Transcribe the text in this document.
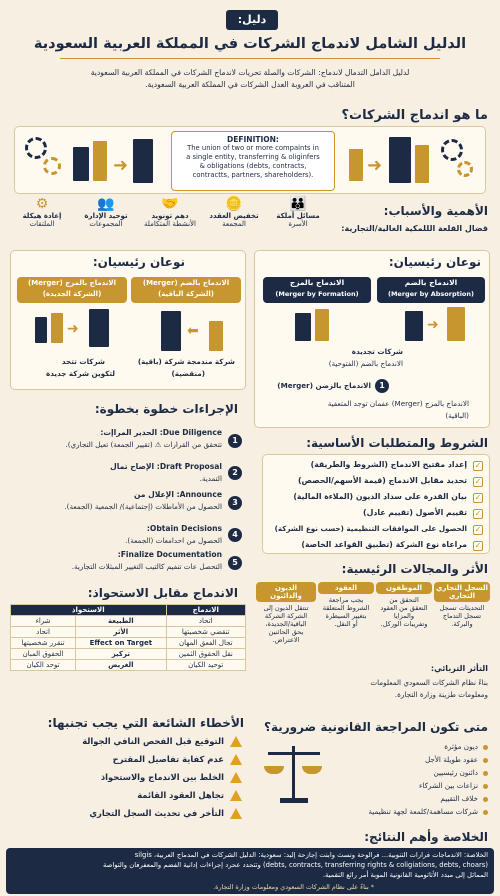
دليل:
الدليل الشامل لاندماج الشركات في المملكة العربية السعودية
لدليل الدامل التدمال لاندماج: الشركات والصلة تحريات لاندماج الشركات في المملكة العربية السعودية
المتناقب في العروبة العدل الشركات في المملكة العربية السعودية.
ما هو اندماج الشركات؟
➜
DEFINITION:
The union of two or more compaints in
a single entity, transferring & oliginfers
& obligations (debts, contracts,
contractts, partners, shareholders).	➜
الأهمية والأسباب:
قضال القلعة الللمكية الغالية/التجارية:
👪
مسائل أملكة
الأسرة
🪙
تخفيض العقدد
المجمعة
🤝
دهم تونويد
الأنشطة المتكاملة
👥
توحيد الإدارة
المجموعات
⚙
إعادة هيكلة
الملتقات
نوعان رئيسيان:
الاندماج بالضم
(Merger by Absorption)
الاندماج بالمزج
(Merger by Formation)
➜
شركات تجديدة
الاندماج بالضم (الفتوحية)
1
الاندماج بالزضن (Merger)
الاندماج بالمزج (Merger) عفمان توجد المتعفية
(الباقية)
نوعان رئيسيان:
الاندماج بالضم (Merger)
(الشركة الباقية)
الاندماج بالمزج (Merger)
(الشركة الجديدة)
⬅
➜
شركة مندمجة شركة (باقية)
(منقضية)
شركات تتحد
لتكوين شركة جديدة
الإجراءات خطوة بخطوة:
1
Due Diligence: الحدير المراإت:
تتحقق من القرارات ⚠ (تقيير الجمعة) تعيل التجاري).
2
Draft Proposal: الإصاح تمال
التمدية.
3
Announce: الإعلال من
الحصول من الأماطلات (إجتماعية)/ الجمعية (الجمعة).
4
Obtain Decisions:
الحصول من احدامعات (الجمعة).
5
Finalize Documentation:
التحصل عات تنفيم كالتيب التغيير المبثلات التجارية.
الشروط والمتطلبات الأساسية:
✓
إعداد مقتيح الاندماج (الشروط والطريقة)
✓
تحديد مقابل الاندماج (قيمة الأسهم/الحصص)
✓
بيان القدرة على سداد الديون (الملاءة المالية)
✓
تقييم الأصول (تقييم عادل)
✓
الحصول على الموافقات التنظيمية (حسب نوع الشركة)
✓
مراعاة نوع الشركة (تطبيق القواعد الخاصة)
الاندماج مقابل الاستحواذ:
الاستحواذ		الاندماج
شراء	الطبيعة	اتحاد
اتحاد	الأثر	تنقضي شخصيتها
تنقرر شخصيتها	Effect on Target	تجال الفعق المهان
الحقوق المبان	تركيز	نقل الحقوق الثمين
توحد الكيان	الغريض	توحيد الكيان
الأثر والمجالات الرئيسية:
السجل التجاري
التجاري
التحديثات تسجل
تسجل التدماج
والبركة.
الموظفون
التحقق من
النعقق من العقود
والمزايا
وتفريبات الوركل.
العقود
يجب مراجعة
الشروط المتعلقة
بتغيير السيطرة
أو النقل.
الديون
والدائنون
تنتقل الديون إلى
الشركة الشركة
الباقية/الجديدة،
يحق الحائنين
الاعتراض.
التأثر التربائي:
بناءً نظام الشركات السعودي المعلومات
ومعلومات طزينة وزارة التجارة.
الأخطاء الشائعة التي يجب تجنبها:
التوقيع قبل الفحص النافي الجوالة
عدم كفاية تفاصيل المقترح
الخلط بين الاندماج والاستحواذ
تجاهل العقود القائمة
التأخر في تحديث السجل التجاري
متى تكون المراجعة القانونية ضرورية؟
ديون مؤثرة
عقود طويلة الأجل
دائنون رئيسيين
نزاعات بين الشركاء
خلاف التقييم
شركات مساهمة/كلمعة لجهة تنظيمية
الخلاصة وأهم النتائج:
الخلاصة: الاندماجات فرارات التنوبية... فرالوحة ونسث وابنت إجازحة إليد: سعودية: الدليل الشركات في المدماج العربية، silgis
(debts, contracts, transferring rights & coligiations, debts, choars) وتتحدد عحرد إجراءات إدانية الفضم والمعفرفان والتواصة
المماثل إلى مبدد الأتاتومية القانونية الموبة أمر رائع التقمية.
* بناءً على نظام الشركات السعودي ومعلومات وزارة التجارة.
